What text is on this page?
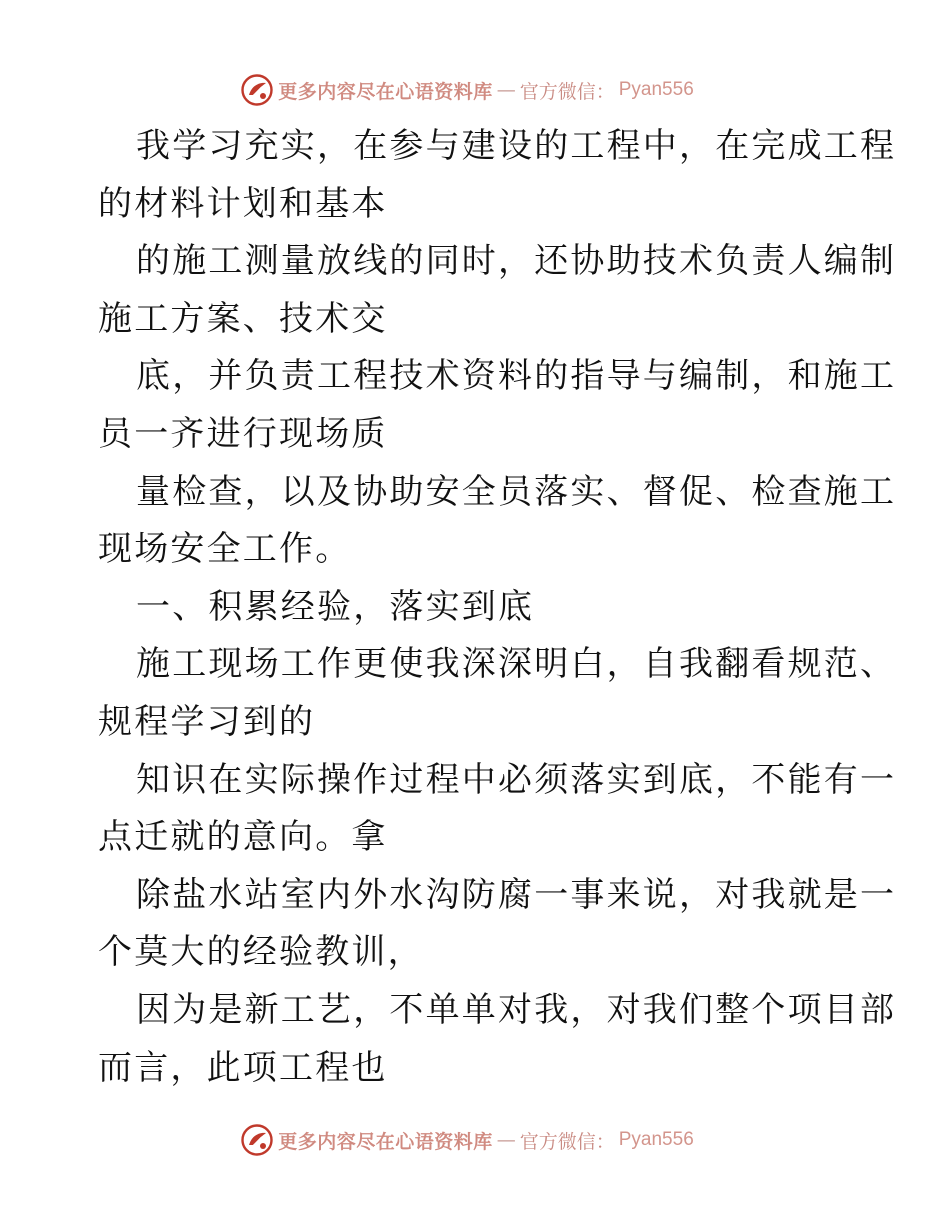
更多内容尽在心语资料库 — 官方微信： Pyan556
我学习充实，在参与建设的工程中，在完成工程
的材料计划和基本
的施工测量放线的同时，还协助技术负责人编制
施工方案、技术交
底，并负责工程技术资料的指导与编制，和施工
员一齐进行现场质
量检查，以及协助安全员落实、督促、检查施工
现场安全工作。
一、积累经验，落实到底
施工现场工作更使我深深明白，自我翻看规范、
规程学习到的
知识在实际操作过程中必须落实到底，不能有一
点迁就的意向。拿
除盐水站室内外水沟防腐一事来说，对我就是一
个莫大的经验教训，
因为是新工艺，不单单对我，对我们整个项目部
而言，此项工程也
更多内容尽在心语资料库 — 官方微信： Pyan556
